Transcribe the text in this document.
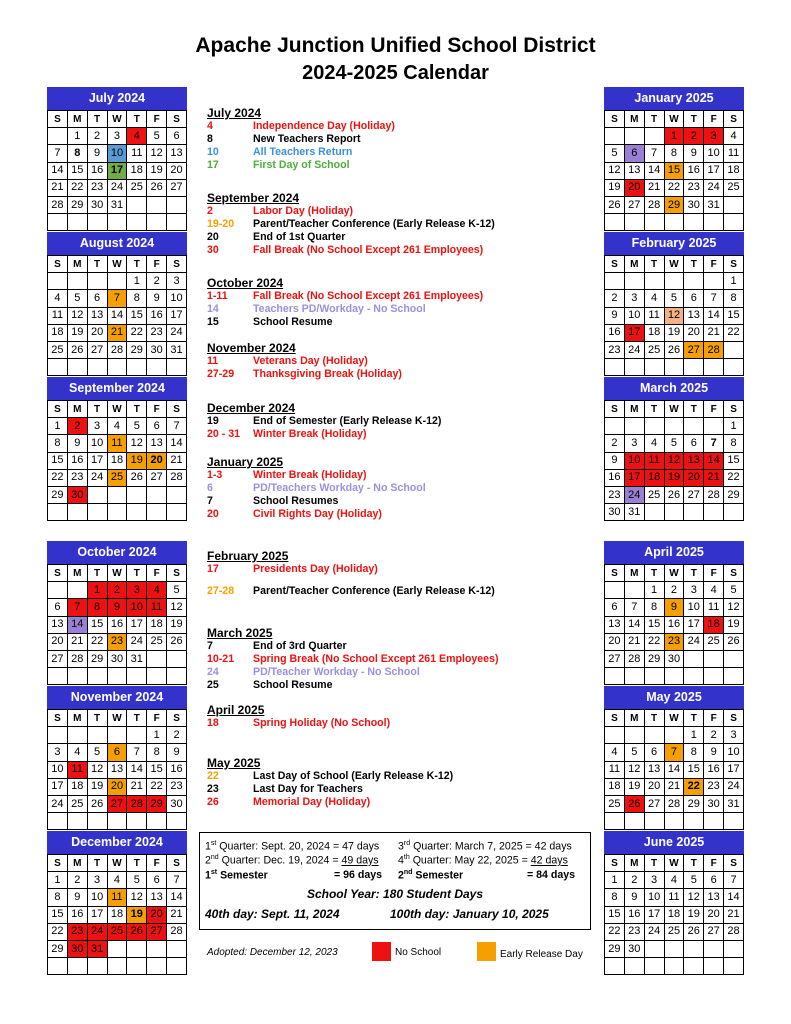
Apache Junction Unified School District
2024-2025 Calendar
July 2024
S	M	T	W	T	F	S
	1	2	3	4	5	6
7	8	9	10	11	12	13
14	15	16	17	18	19	20
21	22	23	24	25	26	27
28	29	30	31			

August 2024
S	M	T	W	T	F	S
				1	2	3
4	5	6	7	8	9	10
11	12	13	14	15	16	17
18	19	20	21	22	23	24
25	26	27	28	29	30	31

September 2024
S	M	T	W	T	F	S
1	2	3	4	5	6	7
8	9	10	11	12	13	14
15	16	17	18	19	20	21
22	23	24	25	26	27	28
29	30					

October 2024
S	M	T	W	T	F	S
		1	2	3	4	5
6	7	8	9	10	11	12
13	14	15	16	17	18	19
20	21	22	23	24	25	26
27	28	29	30	31		

November 2024
S	M	T	W	T	F	S
					1	2
3	4	5	6	7	8	9
10	11	12	13	14	15	16
17	18	19	20	21	22	23
24	25	26	27	28	29	30

December 2024
S	M	T	W	T	F	S
1	2	3	4	5	6	7
8	9	10	11	12	13	14
15	16	17	18	19	20	21
22	23	24	25	26	27	28
29	30	31				

January 2025
S	M	T	W	T	F	S
			1	2	3	4
5	6	7	8	9	10	11
12	13	14	15	16	17	18
19	20	21	22	23	24	25
26	27	28	29	30	31	

February 2025
S	M	T	W	T	F	S
						1
2	3	4	5	6	7	8
9	10	11	12	13	14	15
16	17	18	19	20	21	22
23	24	25	26	27	28	

March 2025
S	M	T	W	T	F	S
						1
2	3	4	5	6	7	8
9	10	11	12	13	14	15
16	17	18	19	20	21	22
23	24	25	26	27	28	29
30	31					
April 2025
S	M	T	W	T	F	S
		1	2	3	4	5
6	7	8	9	10	11	12
13	14	15	16	17	18	19
20	21	22	23	24	25	26
27	28	29	30			

May 2025
S	M	T	W	T	F	S
				1	2	3
4	5	6	7	8	9	10
11	12	13	14	15	16	17
18	19	20	21	22	23	24
25	26	27	28	29	30	31

June 2025
S	M	T	W	T	F	S
1	2	3	4	5	6	7
8	9	10	11	12	13	14
15	16	17	18	19	20	21
22	23	24	25	26	27	28
29	30					

July 2024
4	Independence Day (Holiday)
8	New Teachers Report
10	All Teachers Return
17	First Day of School
September 2024
2	Labor Day (Holiday)
19-20	Parent/Teacher Conference (Early Release K-12)
20	End of 1st Quarter
30	Fall Break (No School Except 261 Employees)
October 2024
1-11	Fall Break (No School Except 261 Employees)
14	Teachers PD/Workday - No School
15	School Resume
November 2024
11	Veterans Day (Holiday)
27-29	Thanksgiving Break (Holiday)
December 2024
19	End of Semester (Early Release K-12)
20 - 31	Winter Break (Holiday)
January 2025
1-3	Winter Break (Holiday)
6	PD/Teachers Workday - No School
7	School Resumes
20	Civil Rights Day (Holiday)
February 2025
17	Presidents Day (Holiday)
27-28	Parent/Teacher Conference (Early Release K-12)
March 2025
7	End of 3rd Quarter
10-21	Spring Break (No School Except 261 Employees)
24	PD/Teacher Workday - No School
25	School Resume
April 2025
18	Spring Holiday (No School)
May 2025
22	Last Day of School (Early Release K-12)
23	Last Day for Teachers
26	Memorial Day (Holiday)
1st Quarter: Sept. 20, 2024 = 47 days 3rd Quarter: March 7, 2025 = 42 days
2nd Quarter: Dec. 19, 2024 = 49 days 4th Quarter: May 22, 2025 = 42 days
1st Semester	= 96 days 2nd Semester	= 84 days
School Year: 180 Student Days
40th day: Sept. 11, 2024	100th day: January 10, 2025
Adopted: December 12, 2023	No School	Early Release Day
